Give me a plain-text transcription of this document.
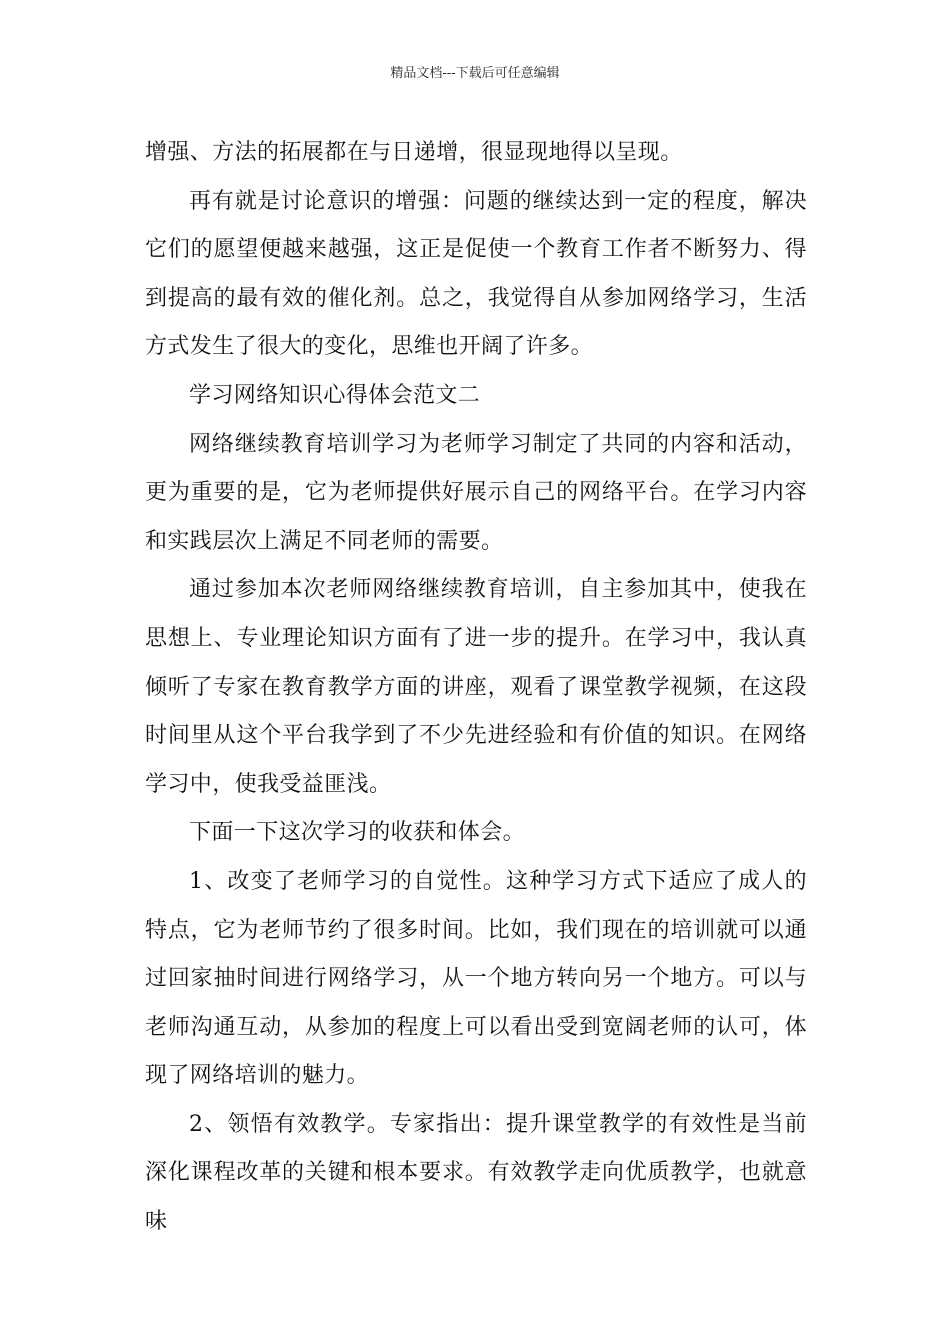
精品文档---下载后可任意编辑

增强、方法的拓展都在与日递增，很显现地得以呈现。

再有就是讨论意识的增强：问题的继续达到一定的程度，解决它们的愿望便越来越强，这正是促使一个教育工作者不断努力、得到提高的最有效的催化剂。总之，我觉得自从参加网络学习，生活方式发生了很大的变化，思维也开阔了许多。

学习网络知识心得体会范文二

网络继续教育培训学习为老师学习制定了共同的内容和活动，更为重要的是，它为老师提供好展示自己的网络平台。在学习内容和实践层次上满足不同老师的需要。

通过参加本次老师网络继续教育培训，自主参加其中，使我在思想上、专业理论知识方面有了进一步的提升。在学习中，我认真倾听了专家在教育教学方面的讲座，观看了课堂教学视频，在这段时间里从这个平台我学到了不少先进经验和有价值的知识。在网络学习中，使我受益匪浅。

下面一下这次学习的收获和体会。

1、改变了老师学习的自觉性。这种学习方式下适应了成人的特点，它为老师节约了很多时间。比如，我们现在的培训就可以通过回家抽时间进行网络学习，从一个地方转向另一个地方。可以与老师沟通互动，从参加的程度上可以看出受到宽阔老师的认可，体现了网络培训的魅力。

2、领悟有效教学。专家指出：提升课堂教学的有效性是当前深化课程改革的关键和根本要求。有效教学走向优质教学，也就意味
